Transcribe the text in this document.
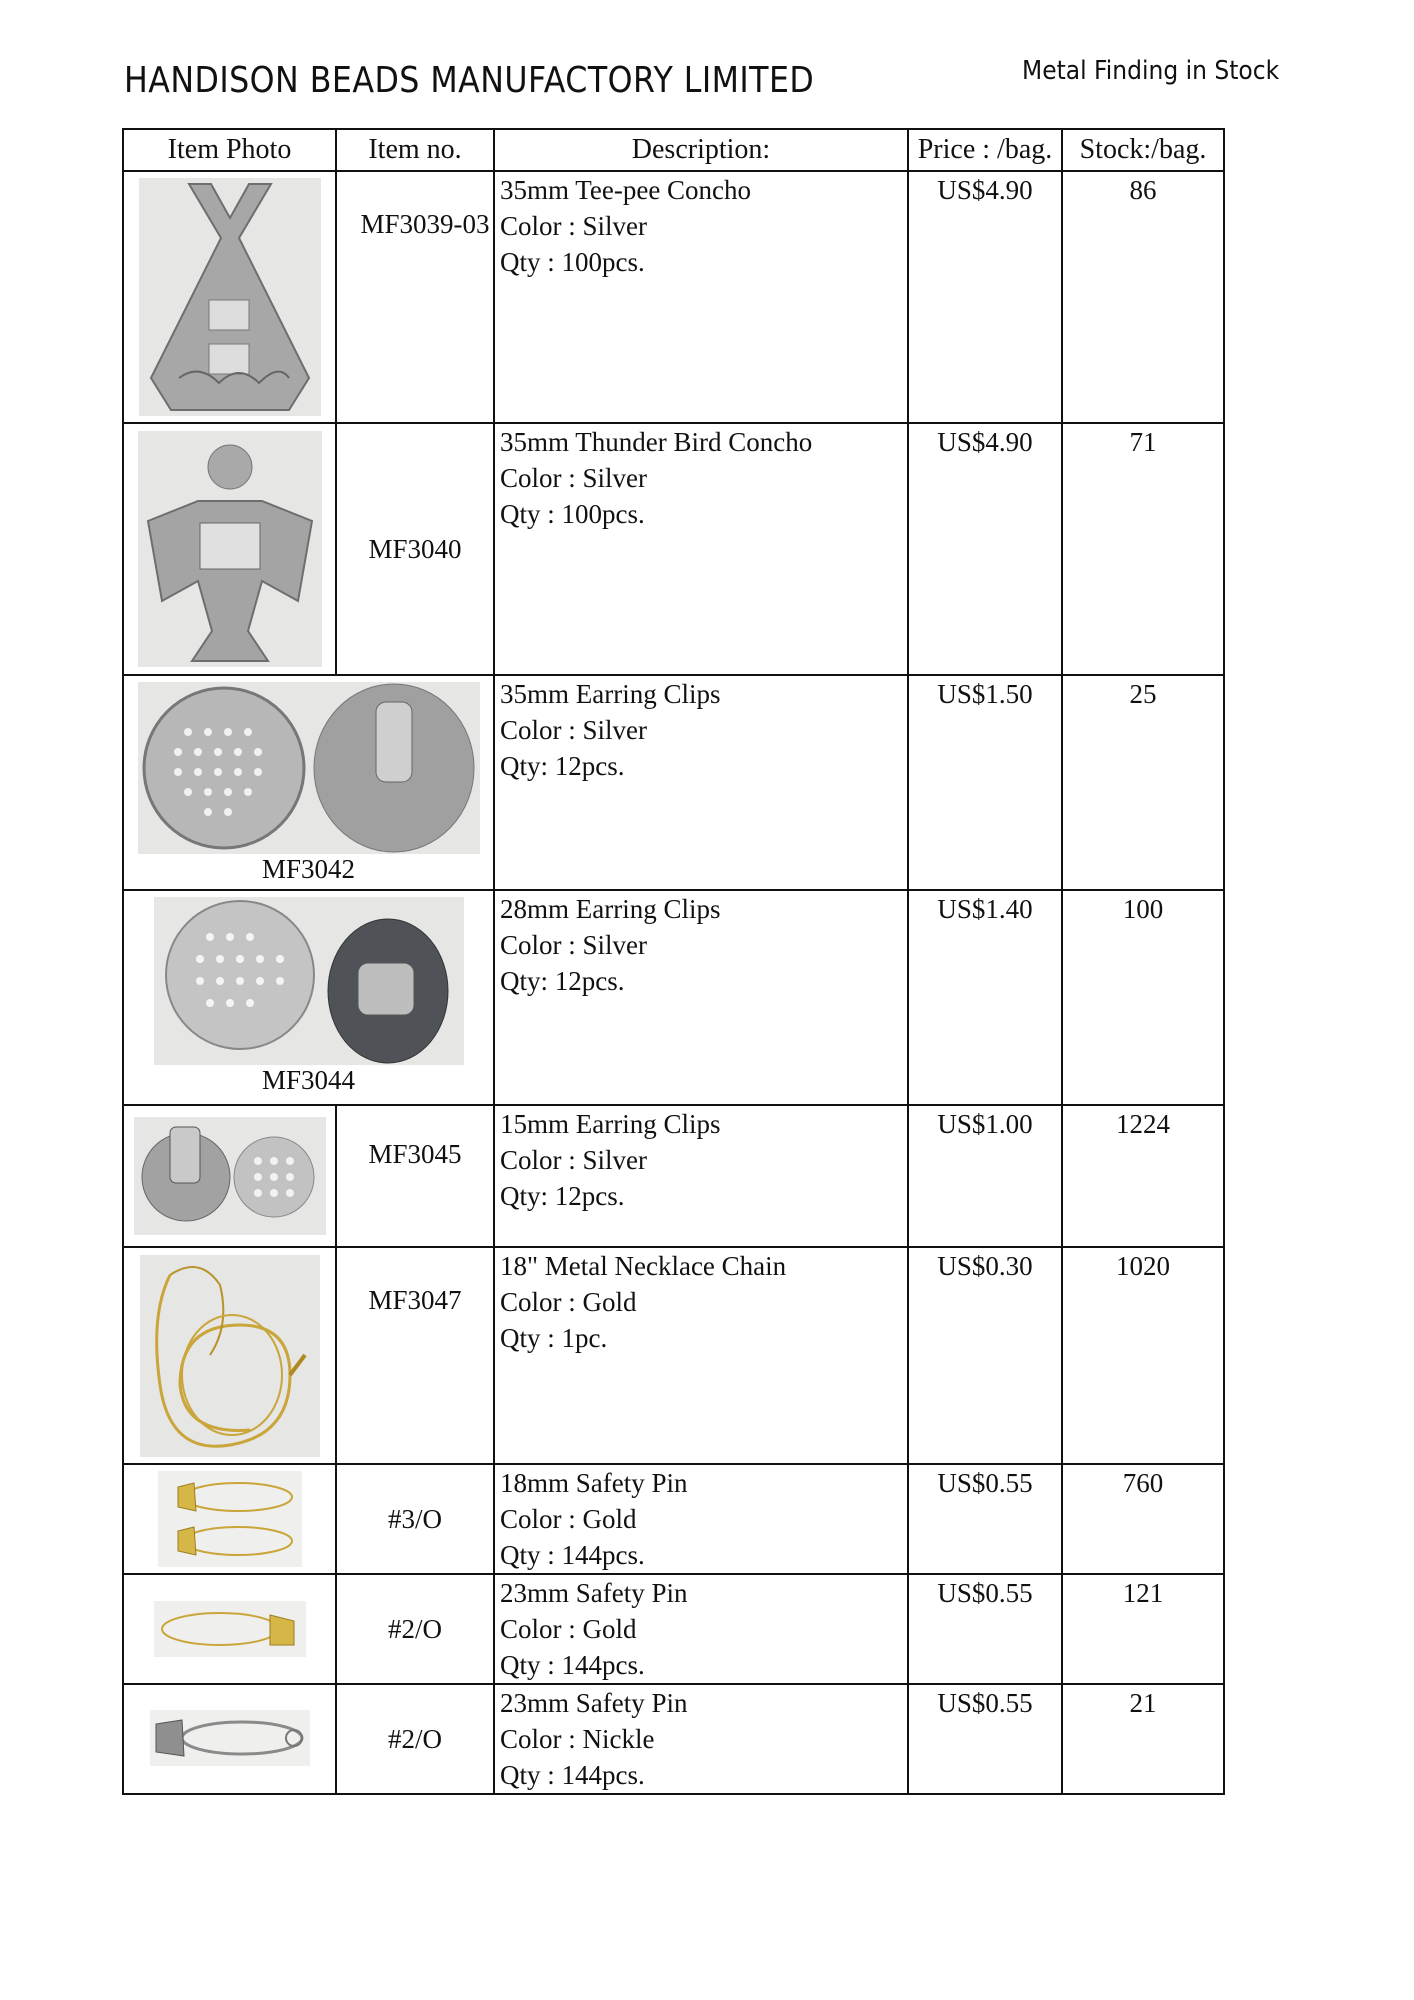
HANDISON BEADS MANUFACTORY LIMITED	Metal Finding in Stock
Item Photo	Item no.	Description:	Price : /bag.	Stock:/bag.

	MF3039-03	35mm Tee-pee Concho
Color : Silver
Qty : 100pcs.	US$4.90	86

	MF3040	35mm Thunder Bird Concho
Color : Silver
Qty : 100pcs.	US$4.90	71

MF3042		35mm Earring Clips
Color : Silver
Qty: 12pcs.	US$1.50	25

MF3044		28mm Earring Clips
Color : Silver
Qty: 12pcs.	US$1.40	100

	MF3045	15mm Earring Clips
Color : Silver
Qty: 12pcs.	US$1.00	1224

	MF3047	18" Metal Necklace Chain
Color : Gold
Qty : 1pc.	US$0.30	1020

	#3/O	18mm Safety Pin
Color : Gold
Qty : 144pcs.	US$0.55	760

	#2/O	23mm Safety Pin
Color : Gold
Qty : 144pcs.	US$0.55	121

	#2/O	23mm Safety Pin
Color : Nickle
Qty : 144pcs.	US$0.55	21
